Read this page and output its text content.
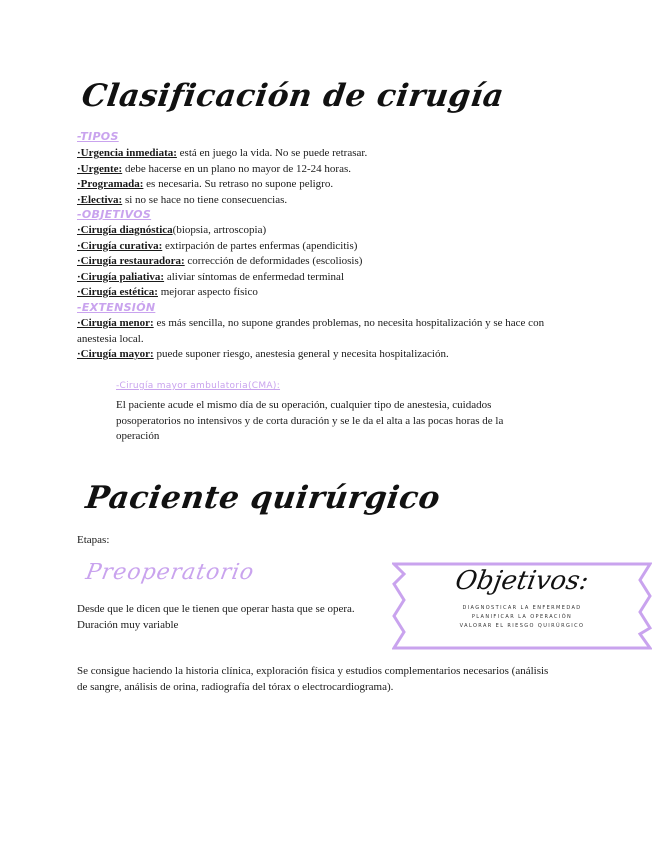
Clasificación de cirugía
-TIPOS
·Urgencia inmediata: está en juego la vida. No se puede retrasar.
·Urgente: debe hacerse en un plano no mayor de 12-24 horas.
·Programada: es necesaria. Su retraso no supone peligro.
·Electiva: si no se hace no tiene consecuencias.
-OBJETIVOS
·Cirugía diagnóstica(biopsia, artroscopia)
·Cirugía curativa: extirpación de partes enfermas (apendicitis)
·Cirugía restauradora: corrección de deformidades (escoliosis)
·Cirugía paliativa: aliviar síntomas de enfermedad terminal
·Cirugía estética: mejorar aspecto físico
-EXTENSIÓN
·Cirugía menor: es más sencilla, no supone grandes problemas, no necesita hospitalización y se hace con
anestesia local.
·Cirugía mayor: puede suponer riesgo, anestesia general y necesita hospitalización.
-Cirugía mayor ambulatoria(CMA):
El paciente acude el mismo día de su operación, cualquier tipo de anestesia, cuidados posoperatorios no intensivos y de corta duración y se le da el alta a las pocas horas de la operación
Paciente quirúrgico
Etapas:
Preoperatorio
Desde que le dicen que le tienen que operar hasta que se opera.
Duración muy variable
Se consigue haciendo la historia clínica, exploración física y estudios complementarios necesarios (análisis de sangre, análisis de orina, radiografía del tórax o electrocardiograma).
Objetivos:
DIAGNOSTICAR LA ENFERMEDAD
PLANIFICAR LA OPERACIÓN
VALORAR EL RIESGO QUIRÚRGICO
